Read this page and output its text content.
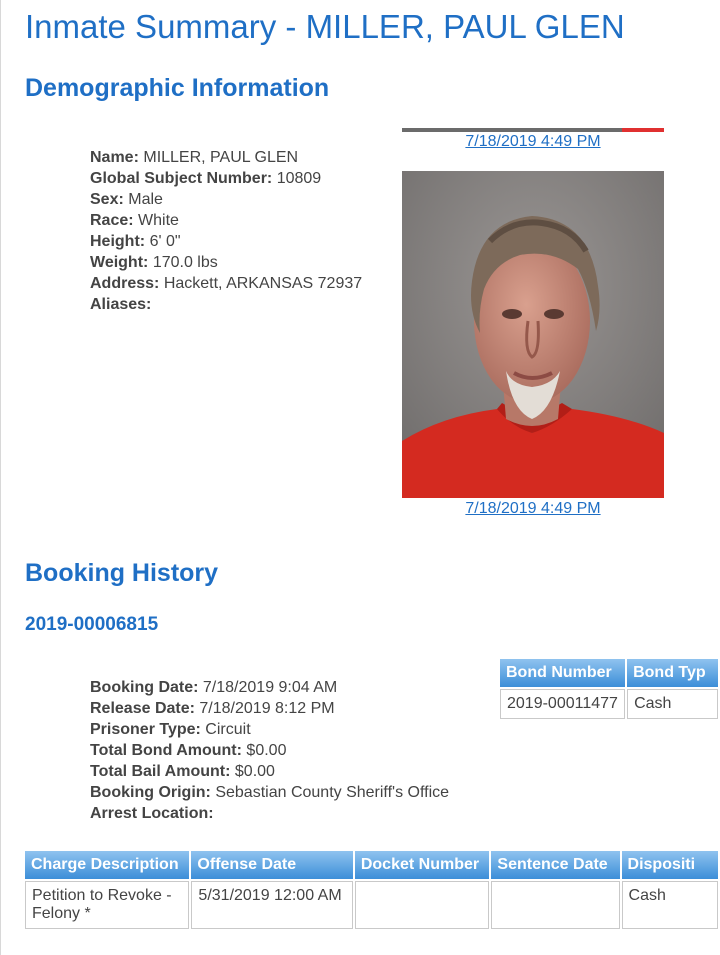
Inmate Summary - MILLER, PAUL GLEN
Demographic Information
Name: MILLER, PAUL GLEN
Global Subject Number: 10809
Sex: Male
Race: White
Height: 6' 0"
Weight: 170.0 lbs
Address: Hackett, ARKANSAS 72937
Aliases:
7/18/2019 4:49 PM
7/18/2019 4:49 PM
Booking History
2019-00006815
Booking Date: 7/18/2019 9:04 AM
Release Date: 7/18/2019 8:12 PM
Prisoner Type: Circuit
Total Bond Amount: $0.00
Total Bail Amount: $0.00
Booking Origin: Sebastian County Sheriff's Office
Arrest Location:
Bond Number	Bond Typ
2019-00011477	Cash
Charge Description	Offense Date	Docket Number	Sentence Date	Dispositi
Petition to Revoke - Felony *	5/31/2019 12:00 AM			Cash
